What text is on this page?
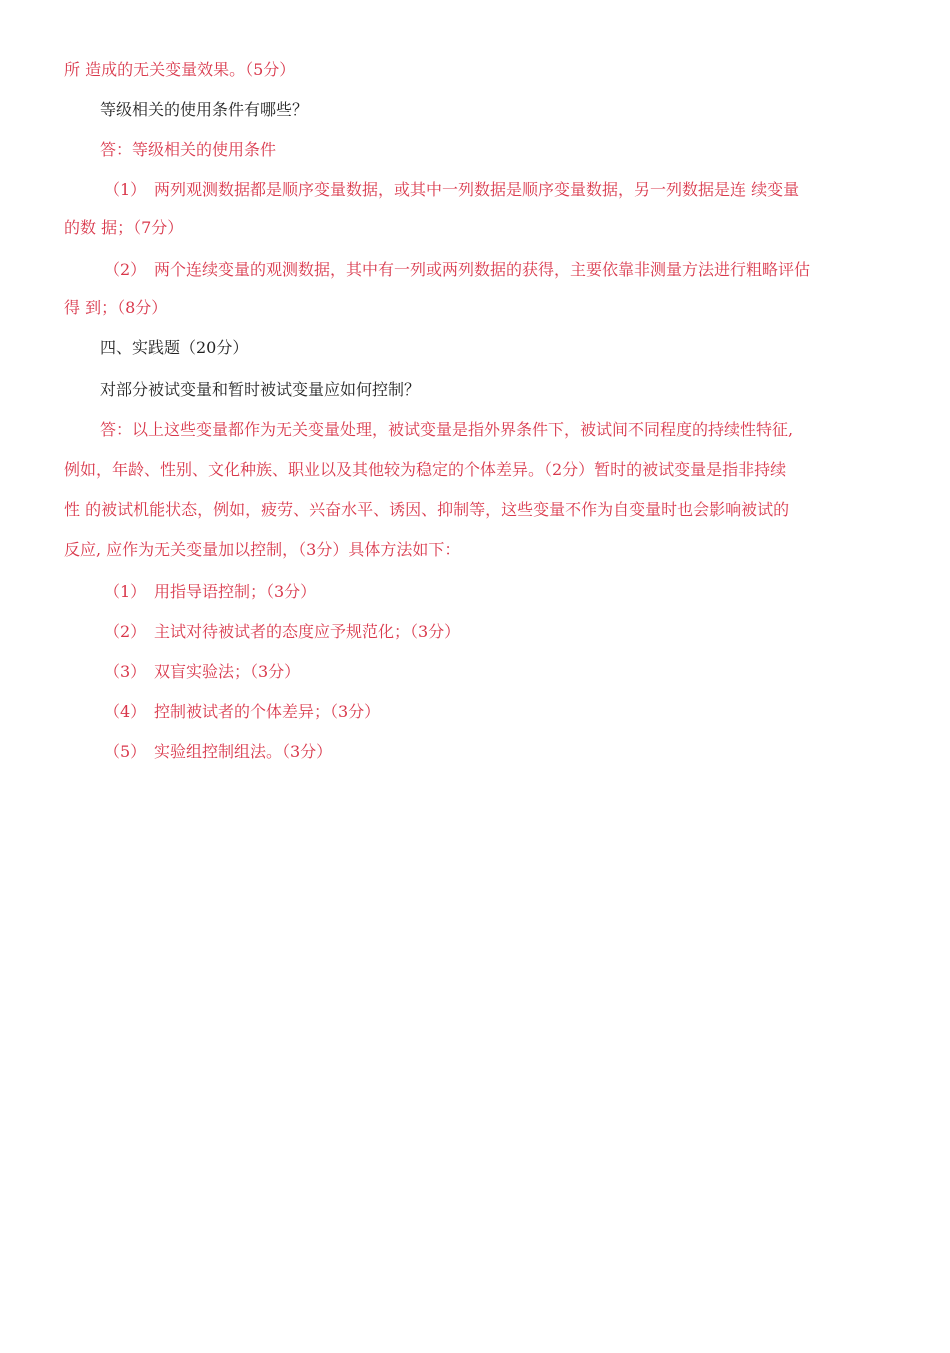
所 造成的无关变量效果。（5分）

等级相关的使用条件有哪些？

答：等级相关的使用条件

（1） 两列观测数据都是顺序变量数据，或其中一列数据是顺序变量数据，另一列数据是连 续变量

的数 据；（7分）

（2） 两个连续变量的观测数据，其中有一列或两列数据的获得，主要依靠非测量方法进行粗略评估

得 到；（8分）

四、实践题（20分）

对部分被试变量和暂时被试变量应如何控制？

答：以上这些变量都作为无关变量处理，被试变量是指外界条件下，被试间不同程度的持续性特征,

例如，年龄、性别、文化种族、职业以及其他较为稳定的个体差异。（2分）暂时的被试变量是指非持续

性 的被试机能状态，例如，疲劳、兴奋水平、诱因、抑制等，这些变量不作为自变量时也会影响被试的

反应, 应作为无关变量加以控制，（3分）具体方法如下：

（1） 用指导语控制；（3分）
（2） 主试对待被试者的态度应予规范化；（3分）
（3） 双盲实验法；（3分）
（4） 控制被试者的个体差异；（3分）
（5） 实验组控制组法。（3分）
